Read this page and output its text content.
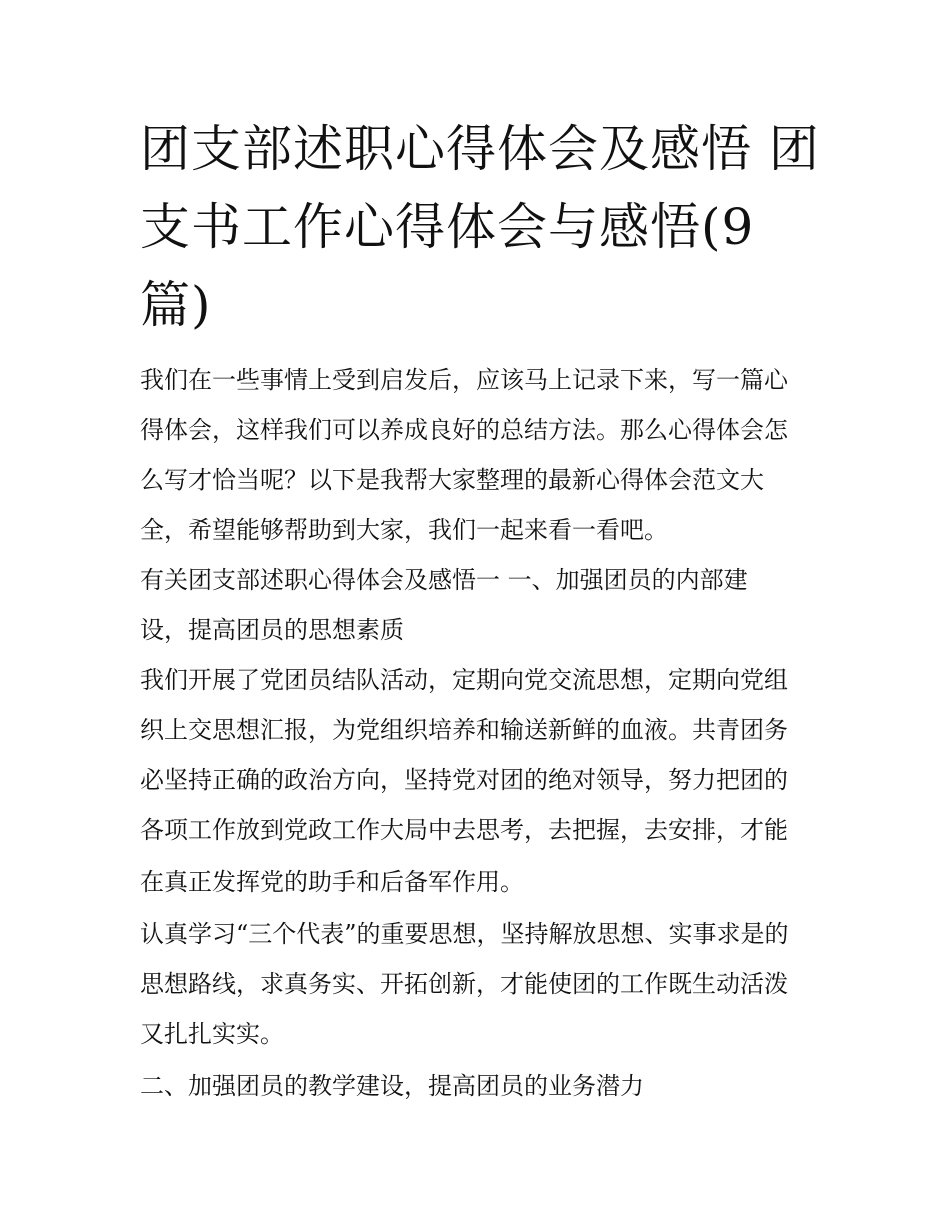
团支部述职心得体会及感悟 团
支书工作心得体会与感悟(9
篇)

我们在一些事情上受到启发后，应该马上记录下来，写一篇心

得体会，这样我们可以养成良好的总结方法。那么心得体会怎

么写才恰当呢？以下是我帮大家整理的最新心得体会范文大

全，希望能够帮助到大家，我们一起来看一看吧。

有关团支部述职心得体会及感悟一 一、加强团员的内部建

设，提高团员的思想素质

我们开展了党团员结队活动，定期向党交流思想，定期向党组

织上交思想汇报，为党组织培养和输送新鲜的血液。共青团务

必坚持正确的政治方向，坚持党对团的绝对领导，努力把团的

各项工作放到党政工作大局中去思考，去把握，去安排，才能

在真正发挥党的助手和后备军作用。

认真学习“三个代表”的重要思想，坚持解放思想、实事求是的

思想路线，求真务实、开拓创新，才能使团的工作既生动活泼

又扎扎实实。

二、加强团员的教学建设，提高团员的业务潜力
